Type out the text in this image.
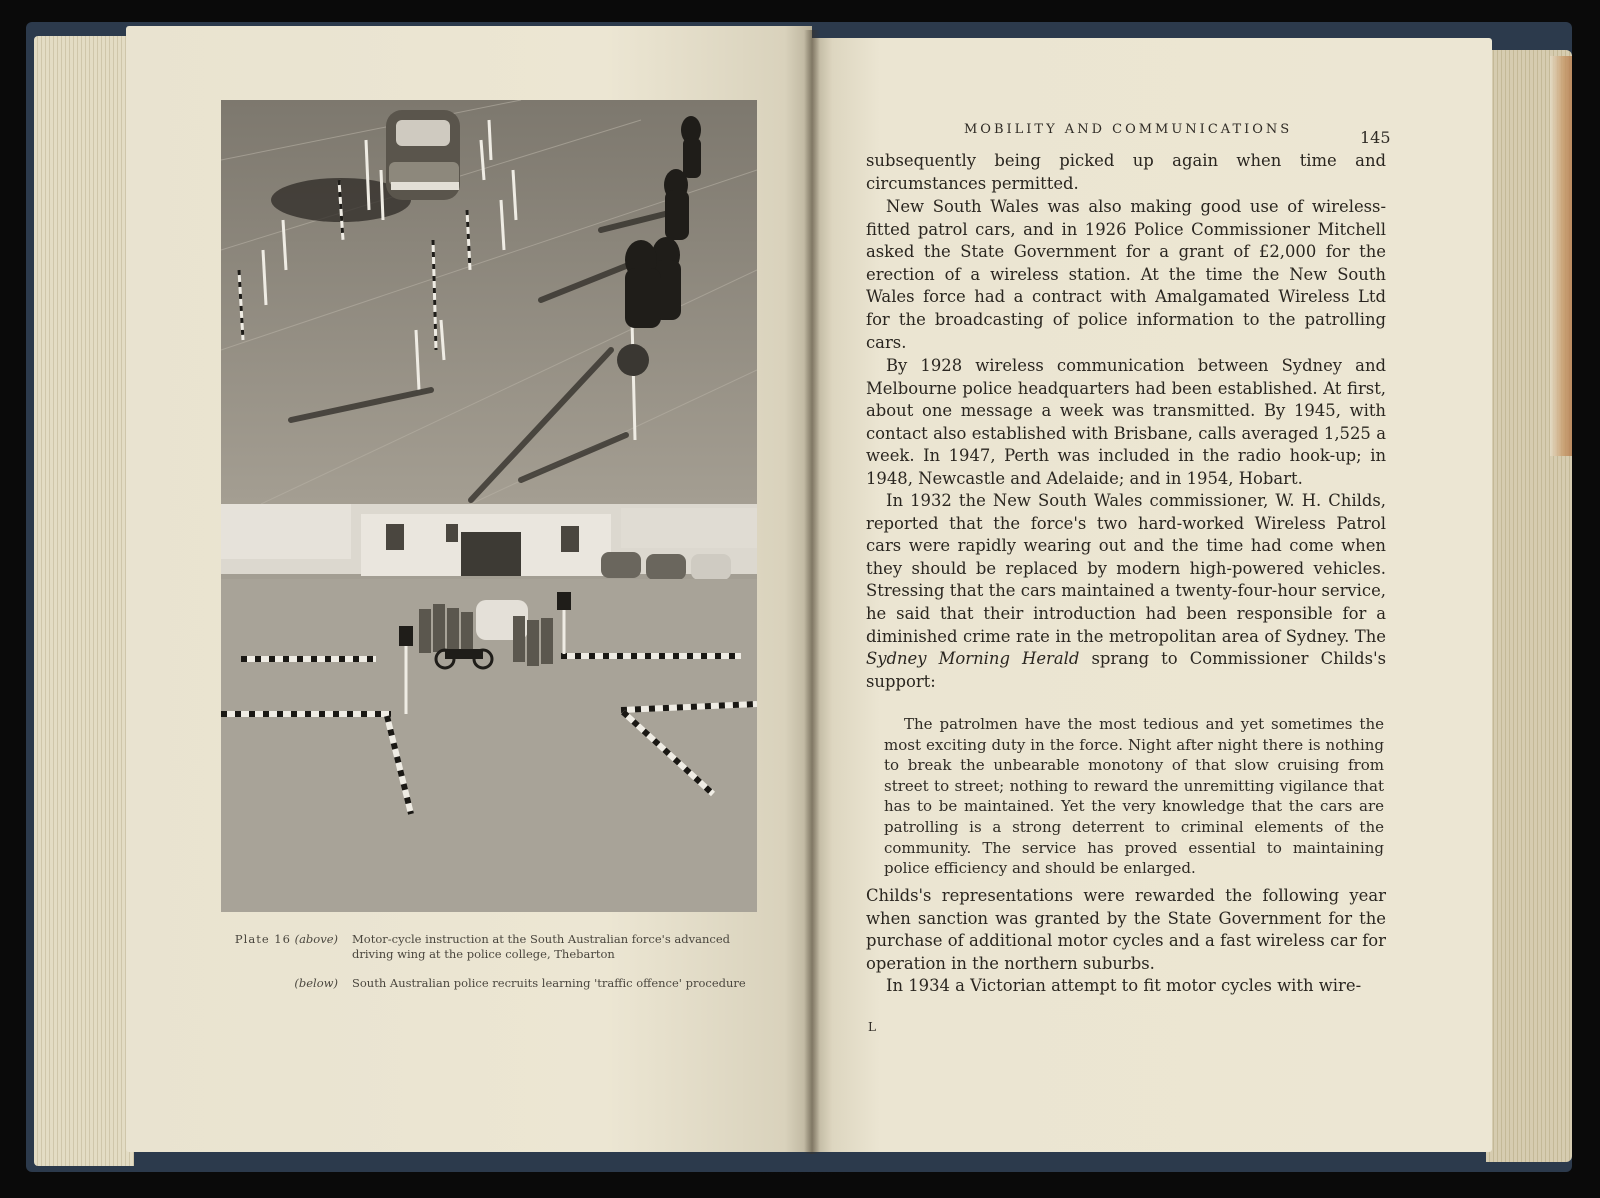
Plate 16 (above) Motor-cycle instruction at the South Australian force's advanced driving wing at the police college, Thebarton
(below) South Australian police recruits learning 'traffic offence' procedure
MOBILITY AND COMMUNICATIONS	145
subsequently being picked up again when time and circumstances permitted.
New South Wales was also making good use of wireless-fitted patrol cars, and in 1926 Police Commissioner Mitchell asked the State Government for a grant of £2,000 for the erection of a wireless station. At the time the New South Wales force had a contract with Amalgamated Wireless Ltd for the broadcasting of police information to the patrolling cars.
By 1928 wireless communication between Sydney and Melbourne police headquarters had been established. At first, about one message a week was transmitted. By 1945, with contact also established with Brisbane, calls averaged 1,525 a week. In 1947, Perth was included in the radio hook-up; in 1948, Newcastle and Adelaide; and in 1954, Hobart.
In 1932 the New South Wales commissioner, W. H. Childs, reported that the force's two hard-worked Wireless Patrol cars were rapidly wearing out and the time had come when they should be replaced by modern high-powered vehicles. Stressing that the cars maintained a twenty-four-hour service, he said that their introduction had been responsible for a diminished crime rate in the metropolitan area of Sydney. The Sydney Morning Herald sprang to Commissioner Childs's support:
The patrolmen have the most tedious and yet sometimes the most exciting duty in the force. Night after night there is nothing to break the unbearable monotony of that slow cruising from street to street; nothing to reward the unremitting vigilance that has to be maintained. Yet the very knowledge that the cars are patrolling is a strong deterrent to criminal elements of the community. The service has proved essential to maintaining police efficiency and should be enlarged.
Childs's representations were rewarded the following year when sanction was granted by the State Government for the purchase of additional motor cycles and a fast wireless car for operation in the northern suburbs.
In 1934 a Victorian attempt to fit motor cycles with wire-
L
